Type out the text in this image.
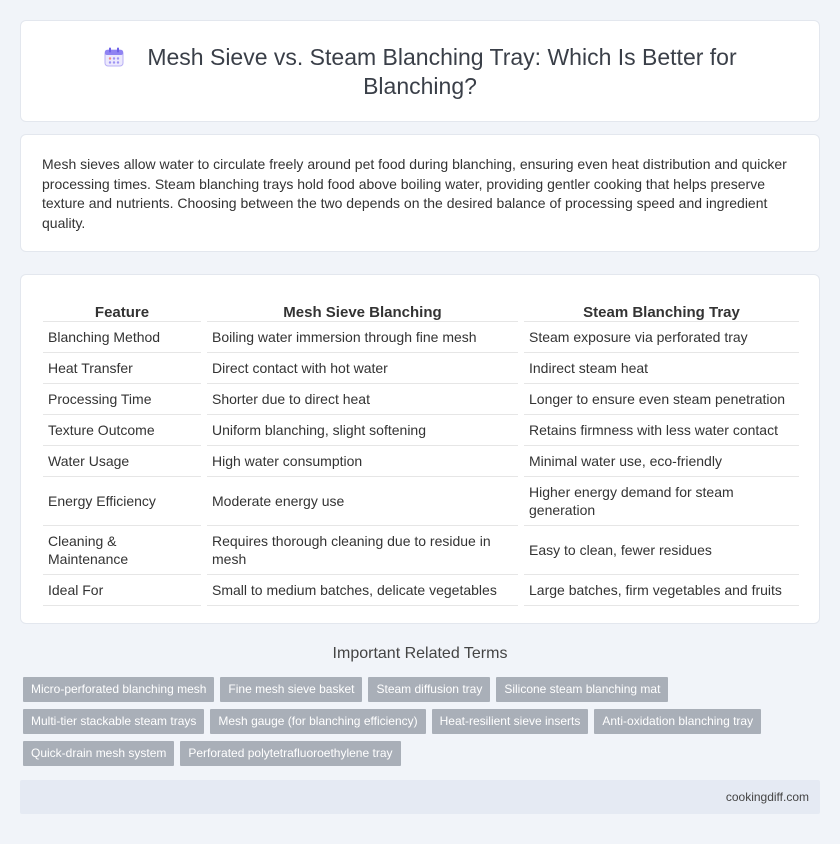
Mesh Sieve vs. Steam Blanching Tray: Which Is Better for Blanching?

Mesh sieves allow water to circulate freely around pet food during blanching, ensuring even heat distribution and quicker processing times. Steam blanching trays hold food above boiling water, providing gentler cooking that helps preserve texture and nutrients. Choosing between the two depends on the desired balance of processing speed and ingredient quality.

Feature	Mesh Sieve Blanching	Steam Blanching Tray
Blanching Method	Boiling water immersion through fine mesh	Steam exposure via perforated tray
Heat Transfer	Direct contact with hot water	Indirect steam heat
Processing Time	Shorter due to direct heat	Longer to ensure even steam penetration
Texture Outcome	Uniform blanching, slight softening	Retains firmness with less water contact
Water Usage	High water consumption	Minimal water use, eco-friendly
Energy Efficiency	Moderate energy use	Higher energy demand for steam generation
Cleaning & Maintenance	Requires thorough cleaning due to residue in mesh	Easy to clean, fewer residues
Ideal For	Small to medium batches, delicate vegetables	Large batches, firm vegetables and fruits
Important Related Terms
Micro-perforated blanching mesh Fine mesh sieve basket Steam diffusion tray Silicone steam blanching mat
Multi-tier stackable steam trays Mesh gauge (for blanching efficiency) Heat-resilient sieve inserts Anti-oxidation blanching tray
Quick-drain mesh system Perforated polytetrafluoroethylene tray
cookingdiff.com
